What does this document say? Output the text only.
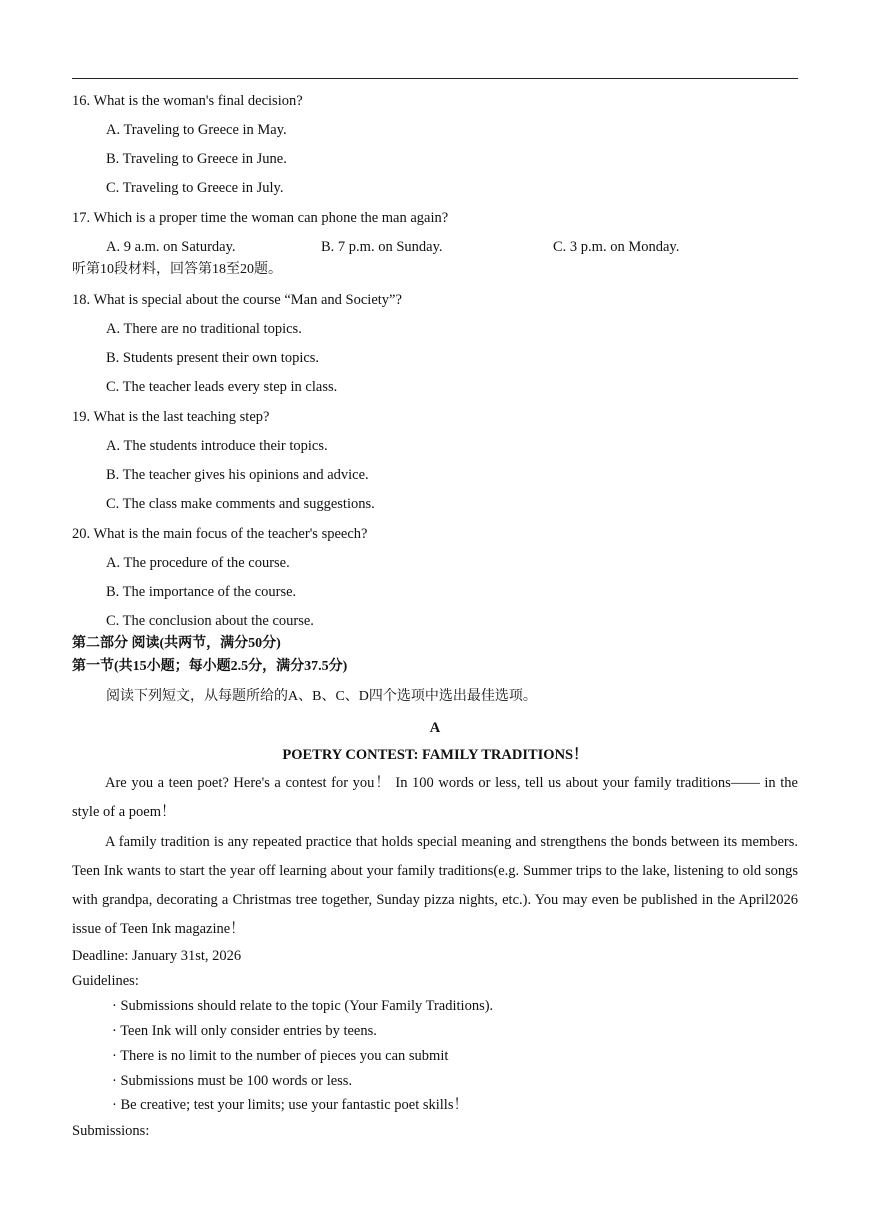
16. What is the woman's final decision?
A. Traveling to Greece in May.
B. Traveling to Greece in June.
C. Traveling to Greece in July.
17. Which is a proper time the woman can phone the man again?
A. 9 a.m. on Saturday.	B. 7 p.m. on Sunday.	C. 3 p.m. on Monday.
听第10段材料，回答第18至20题。
18. What is special about the course “Man and Society”?
A. There are no traditional topics.
B. Students present their own topics.
C. The teacher leads every step in class.
19. What is the last teaching step?
A. The students introduce their topics.
B. The teacher gives his opinions and advice.
C. The class make comments and suggestions.
20. What is the main focus of the teacher's speech?
A. The procedure of the course.
B. The importance of the course.
C. The conclusion about the course.
第二部分 阅读(共两节，满分50分)
第一节(共15小题；每小题2.5分，满分37.5分)
阅读下列短文，从每题所给的A、B、C、D四个选项中选出最佳选项。
A
POETRY CONTEST: FAMILY TRADITIONS！

Are you a teen poet? Here's a contest for you！ In 100 words or less, tell us about your family traditions—— in the style of a poem！

A family tradition is any repeated practice that holds special meaning and strengthens the bonds between its members. Teen Ink wants to start the year off learning about your family traditions(e.g. Summer trips to the lake, listening to old songs with grandpa, decorating a Christmas tree together, Sunday pizza nights, etc.). You may even be published in the April2026 issue of Teen Ink magazine！

Deadline: January 31st, 2026
Guidelines:
· Submissions should relate to the topic (Your Family Traditions).
· Teen Ink will only consider entries by teens.
· There is no limit to the number of pieces you can submit
· Submissions must be 100 words or less.
· Be creative; test your limits; use your fantastic poet skills！
Submissions:
